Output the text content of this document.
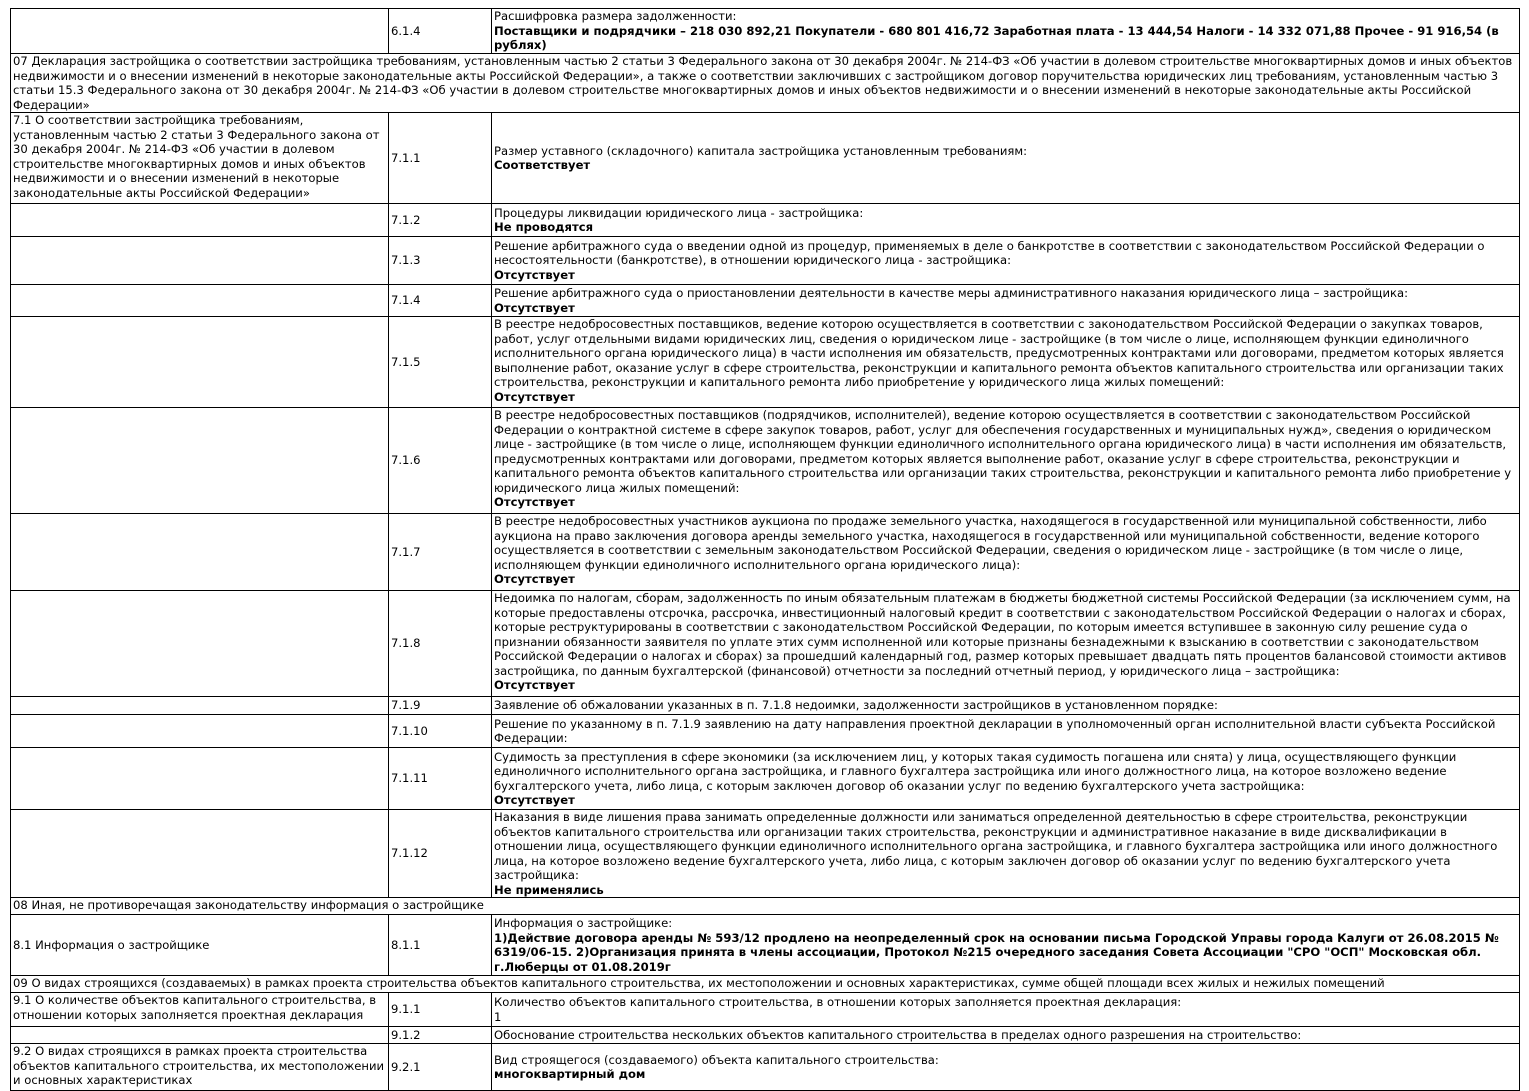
	6.1.4	Расшифровка размера задолженности:
Поставщики и подрядчики – 218 030 892,21 Покупатели - 680 801 416,72 Заработная плата - 13 444,54 Налоги - 14 332 071,88 Прочее - 91 916,54 (в рублях)

07 Декларация застройщика о соответствии застройщика требованиям, установленным частью 2 статьи 3 Федерального закона от 30 декабря 2004г. № 214-ФЗ «Об участии в долевом строительстве многоквартирных домов и иных объектов недвижимости и о внесении изменений в некоторые законодательные акты Российской Федерации», а также о соответствии заключивших с застройщиком договор поручительства юридических лиц требованиям, установленным частью 3 статьи 15.3 Федерального закона от 30 декабря 2004г. № 214-ФЗ «Об участии в долевом строительстве многоквартирных домов и иных объектов недвижимости и о внесении изменений в некоторые законодательные акты Российской Федерации»		
7.1 О соответствии застройщика требованиям, установленным частью 2 статьи 3 Федерального закона от 30 декабря 2004г. № 214-ФЗ «Об участии в долевом строительстве многоквартирных домов и иных объектов недвижимости и о внесении изменений в некоторые законодательные акты Российской Федерации»	7.1.1	Размер уставного (складочного) капитала застройщика установленным требованиям:
Соответствует

	7.1.2	Процедуры ликвидации юридического лица - застройщика:
Не проводятся

	7.1.3	Решение арбитражного суда о введении одной из процедур, применяемых в деле о банкротстве в соответствии с законодательством Российской Федерации о несостоятельности (банкротстве), в отношении юридического лица - застройщика:
Отсутствует

	7.1.4	Решение арбитражного суда о приостановлении деятельности в качестве меры административного наказания юридического лица – застройщика:
Отсутствует

	7.1.5	В реестре недобросовестных поставщиков, ведение которою осуществляется в соответствии с законодательством Российской Федерации о закупках товаров, работ, услуг отдельными видами юридических лиц, сведения о юридическом лице - застройщике (в том числе о лице, исполняющем функции единоличного исполнительного органа юридического лица) в части исполнения им обязательств, предусмотренных контрактами или договорами, предметом которых является выполнение работ, оказание услуг в сфере строительства, реконструкции и капитального ремонта объектов капитального строительства или организации таких строительства, реконструкции и капитального ремонта либо приобретение у юридического лица жилых помещений:
Отсутствует

	7.1.6	В реестре недобросовестных поставщиков (подрядчиков, исполнителей), ведение которою осуществляется в соответствии с законодательством Российской Федерации о контрактной системе в сфере закупок товаров, работ, услуг для обеспечения государственных и муниципальных нужд», сведения о юридическом лице - застройщике (в том числе о лице, исполняющем функции единоличного исполнительного органа юридического лица) в части исполнения им обязательств, предусмотренных контрактами или договорами, предметом которых является выполнение работ, оказание услуг в сфере строительства, реконструкции и капитального ремонта объектов капитального строительства или организации таких строительства, реконструкции и капитального ремонта либо приобретение у юридического лица жилых помещений:
Отсутствует

	7.1.7	В реестре недобросовестных участников аукциона по продаже земельного участка, находящегося в государственной или муниципальной собственности, либо аукциона на право заключения договора аренды земельного участка, находящегося в государственной или муниципальной собственности, ведение которого осуществляется в соответствии с земельным законодательством Российской Федерации, сведения о юридическом лице - застройщике (в том числе о лице, исполняющем функции единоличного исполнительного органа юридического лица):
Отсутствует

	7.1.8	Недоимка по налогам, сборам, задолженность по иным обязательным платежам в бюджеты бюджетной системы Российской Федерации (за исключением сумм, на которые предоставлены отсрочка, рассрочка, инвестиционный налоговый кредит в соответствии с законодательством Российской Федерации о налогах и сборах, которые реструктурированы в соответствии с законодательством Российской Федерации, по которым имеется вступившее в законную силу решение суда о признании обязанности заявителя по уплате этих сумм исполненной или которые признаны безнадежными к взысканию в соответствии с законодательством Российской Федерации о налогах и сборах) за прошедший календарный год, размер которых превышает двадцать пять процентов балансовой стоимости активов застройщика, по данным бухгалтерской (финансовой) отчетности за последний отчетный период, у юридического лица – застройщика:
Отсутствует

	7.1.9	Заявление об обжаловании указанных в п. 7.1.8 недоимки, задолженности застройщиков в установленном порядке:

	7.1.10	Решение по указанному в п. 7.1.9 заявлению на дату направления проектной декларации в уполномоченный орган исполнительной власти субъекта Российской Федерации:

	7.1.11	Судимость за преступления в сфере экономики (за исключением лиц, у которых такая судимость погашена или снята) у лица, осуществляющего функции единоличного исполнительного органа застройщика, и главного бухгалтера застройщика или иного должностного лица, на которое возложено ведение бухгалтерского учета, либо лица, с которым заключен договор об оказании услуг по ведению бухгалтерского учета застройщика:
Отсутствует

	7.1.12	Наказания в виде лишения права занимать определенные должности или заниматься определенной деятельностью в сфере строительства, реконструкции объектов капитального строительства или организации таких строительства, реконструкции и административное наказание в виде дисквалификации в отношении лица, осуществляющего функции единоличного исполнительного органа застройщика, и главного бухгалтера застройщика или иного должностного лица, на которое возложено ведение бухгалтерского учета, либо лица, с которым заключен договор об оказании услуг по ведению бухгалтерского учета застройщика:
Не применялись

08 Иная, не противоречащая законодательству информация о застройщике		
8.1 Информация о застройщике	8.1.1	Информация о застройщике:
1)Действие договора аренды № 593/12 продлено на неопределенный срок на основании письма Городской Управы города Калуги от 26.08.2015 № 6319/06-15. 2)Организация принята в члены ассоциации, Протокол №215 очередного заседания Совета Ассоциации "СРО "ОСП" Московская обл. г.Люберцы от 01.08.2019г

09 О видах строящихся (создаваемых) в рамках проекта строительства объектов капитального строительства, их местоположении и основных характеристиках, сумме общей площади всех жилых и нежилых помещений		
9.1 О количестве объектов капитального строительства, в отношении которых заполняется проектная декларация	9.1.1	Количество объектов капитального строительства, в отношении которых заполняется проектная декларация:
1

	9.1.2	Обоснование строительства нескольких объектов капитального строительства в пределах одного разрешения на строительство:

9.2 О видах строящихся в рамках проекта строительства объектов капитального строительства, их местоположении и основных характеристиках	9.2.1	Вид строящегося (создаваемого) объекта капитального строительства:
многоквартирный дом
